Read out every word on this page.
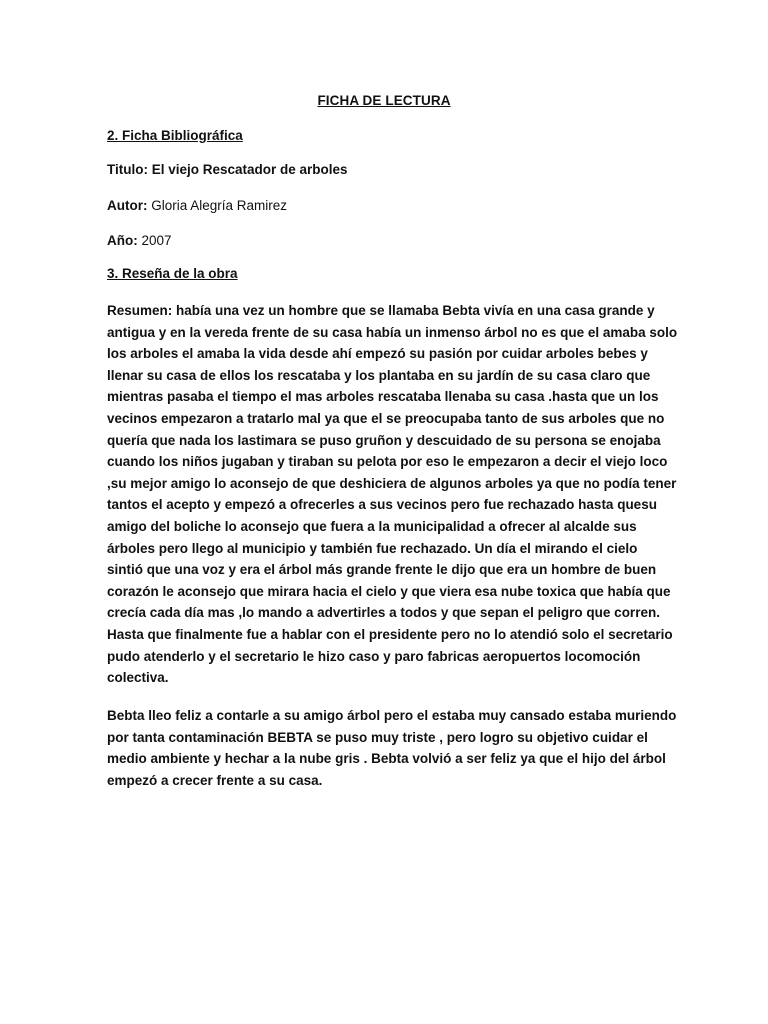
FICHA DE LECTURA
2. Ficha Bibliográfica
Titulo: El viejo Rescatador de arboles
Autor: Gloria Alegría Ramirez
Año: 2007
3. Reseña de la obra
Resumen: había una vez un hombre que se llamaba Bebta vivía en una casa grande y
antigua y en la vereda frente de su casa había un inmenso árbol no es que el amaba solo
los arboles el amaba la vida desde ahí empezó su pasión por cuidar arboles bebes y
llenar su casa de ellos los rescataba y los plantaba en su jardín de su casa claro que
mientras pasaba el tiempo el mas arboles rescataba llenaba su casa .hasta que un los
vecinos empezaron a tratarlo mal ya que el se preocupaba tanto de sus arboles que no
quería que nada los lastimara se puso gruñon y descuidado de su persona se enojaba
cuando los niños jugaban y tiraban su pelota por eso le empezaron a decir el viejo loco
,su mejor amigo lo aconsejo de que deshiciera de algunos arboles ya que no podía tener
tantos el acepto y empezó a ofrecerles a sus vecinos pero fue rechazado hasta quesu
amigo del boliche lo aconsejo que fuera a la municipalidad a ofrecer al alcalde sus
árboles pero llego al municipio y también fue rechazado. Un día el mirando el cielo
sintió que una voz y era el árbol más grande frente le dijo que era un hombre de buen
corazón le aconsejo que mirara hacia el cielo y que viera esa nube toxica que había que
crecía cada día mas ,lo mando a advertirles a todos y que sepan el peligro que corren.
Hasta que finalmente fue a hablar con el presidente pero no lo atendió solo el secretario
pudo atenderlo y el secretario le hizo caso y paro fabricas aeropuertos locomoción
colectiva.
Bebta lleo feliz a contarle a su amigo árbol pero el estaba muy cansado estaba muriendo
por tanta contaminación BEBTA se puso muy triste , pero logro su objetivo cuidar el
medio ambiente y hechar a la nube gris . Bebta volvió a ser feliz ya que el hijo del árbol
empezó a crecer frente a su casa.
